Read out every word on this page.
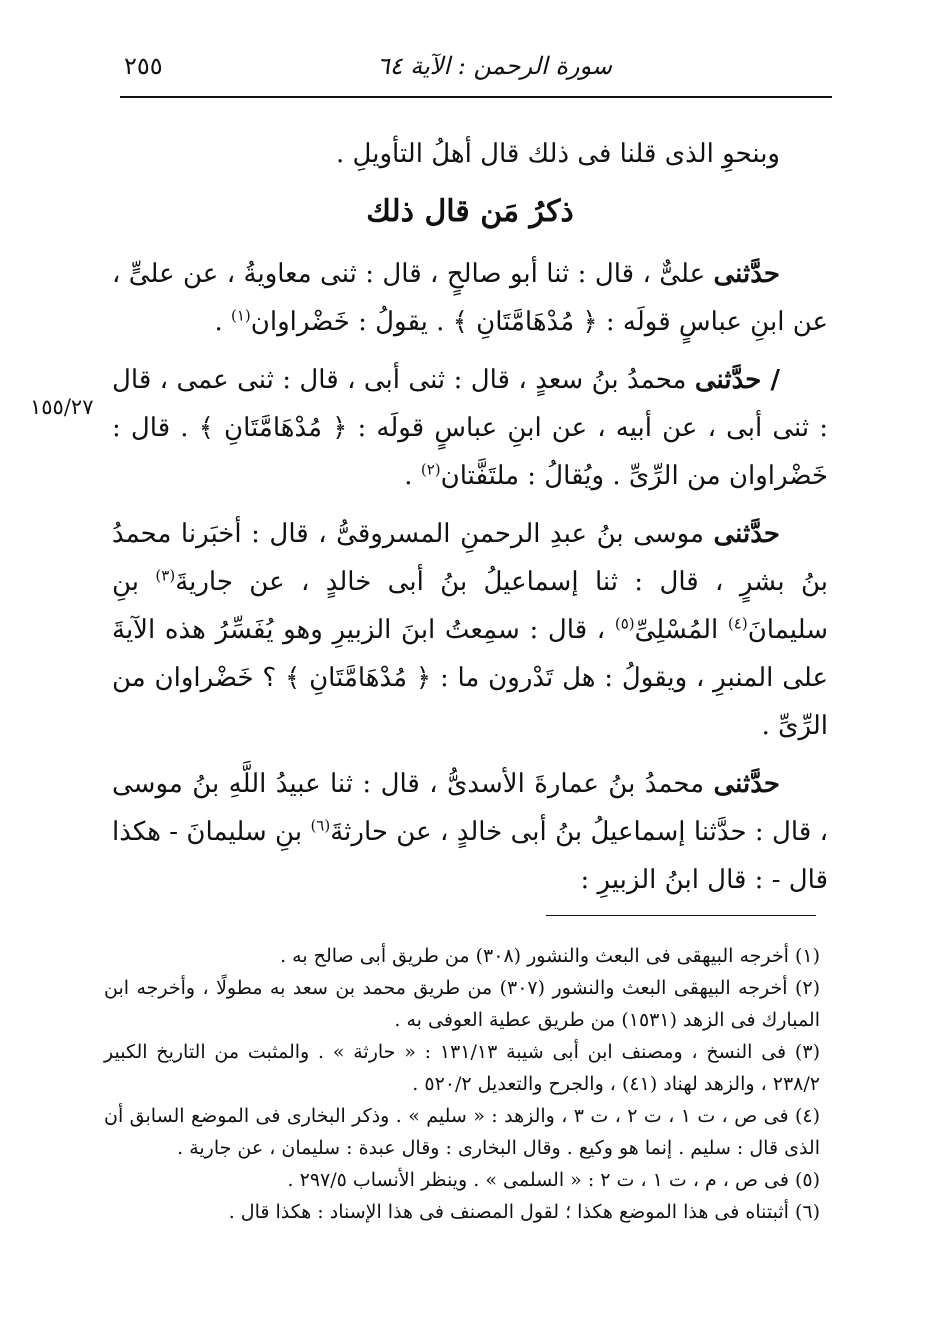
٢٥٥	سورة الرحمن : الآية ٦٤
١٥٥/٢٧

وبنحوِ الذى قلنا فى ذلك قال أهلُ التأويلِ .

ذكرُ مَن قال ذلك

حدَّثنى علىٌّ ، قال : ثنا أبو صالحٍ ، قال : ثنى معاويةُ ، عن علىٍّ ، عن ابنِ عباسٍ قولَه : ﴿ مُدْهَامَّتَانِ ﴾ . يقولُ : خَضْراوان$^{(١)}$ .

/ حدَّثنى محمدُ بنُ سعدٍ ، قال : ثنى أبى ، قال : ثنى عمى ، قال : ثنى أبى ، عن أبيه ، عن ابنِ عباسٍ قولَه : ﴿ مُدْهَامَّتَانِ ﴾ . قال : خَضْراوان من الرِّىِّ . ويُقالُ : ملتَفَّتان$^{(٢)}$ .

حدَّثنى موسى بنُ عبدِ الرحمنِ المسروقىُّ ، قال : أخبَرنا محمدُ بنُ بشرٍ ، قال : ثنا إسماعيلُ بنُ أبى خالدٍ ، عن جاريةَ$^{(٣)}$ بنِ سليمانَ$^{(٤)}$ المُسْلِىِّ$^{(٥)}$ ، قال : سمِعتُ ابنَ الزبيرِ وهو يُفَسِّرُ هذه الآيةَ على المنبرِ ، ويقولُ : هل تَدْرون ما : ﴿ مُدْهَامَّتَانِ ﴾ ؟ خَضْراوان من الرِّىِّ .

حدَّثنى محمدُ بنُ عمارةَ الأسدىُّ ، قال : ثنا عبيدُ اللَّهِ بنُ موسى ، قال : حدَّثنا إسماعيلُ بنُ أبى خالدٍ ، عن حارثةَ$^{(٦)}$ بنِ سليمانَ - هكذا قال - : قال ابنُ الزبيرِ :

(١) أخرجه البيهقى فى البعث والنشور (٣٠٨) من طريق أبى صالح به .

(٢) أخرجه البيهقى البعث والنشور (٣٠٧) من طريق محمد بن سعد به مطولًا ، وأخرجه ابن المبارك فى الزهد (١٥٣١) من طريق عطية العوفى به .

(٣) فى النسخ ، ومصنف ابن أبى شيبة ١٣١/١٣ : « حارثة » . والمثبت من التاريخ الكبير ٢٣٨/٢ ، والزهد لهناد (٤١) ، والجرح والتعديل ٥٢٠/٢ .

(٤) فى ص ، ت ١ ، ت ٢ ، ت ٣ ، والزهد : « سليم » . وذكر البخارى فى الموضع السابق أن الذى قال : سليم . إنما هو وكيع . وقال البخارى : وقال عبدة : سليمان ، عن جارية .

(٥) فى ص ، م ، ت ١ ، ت ٢ : « السلمى » . وينظر الأنساب ٢٩٧/٥ .

(٦) أثبتناه فى هذا الموضع هكذا ؛ لقول المصنف فى هذا الإسناد : هكذا قال .
